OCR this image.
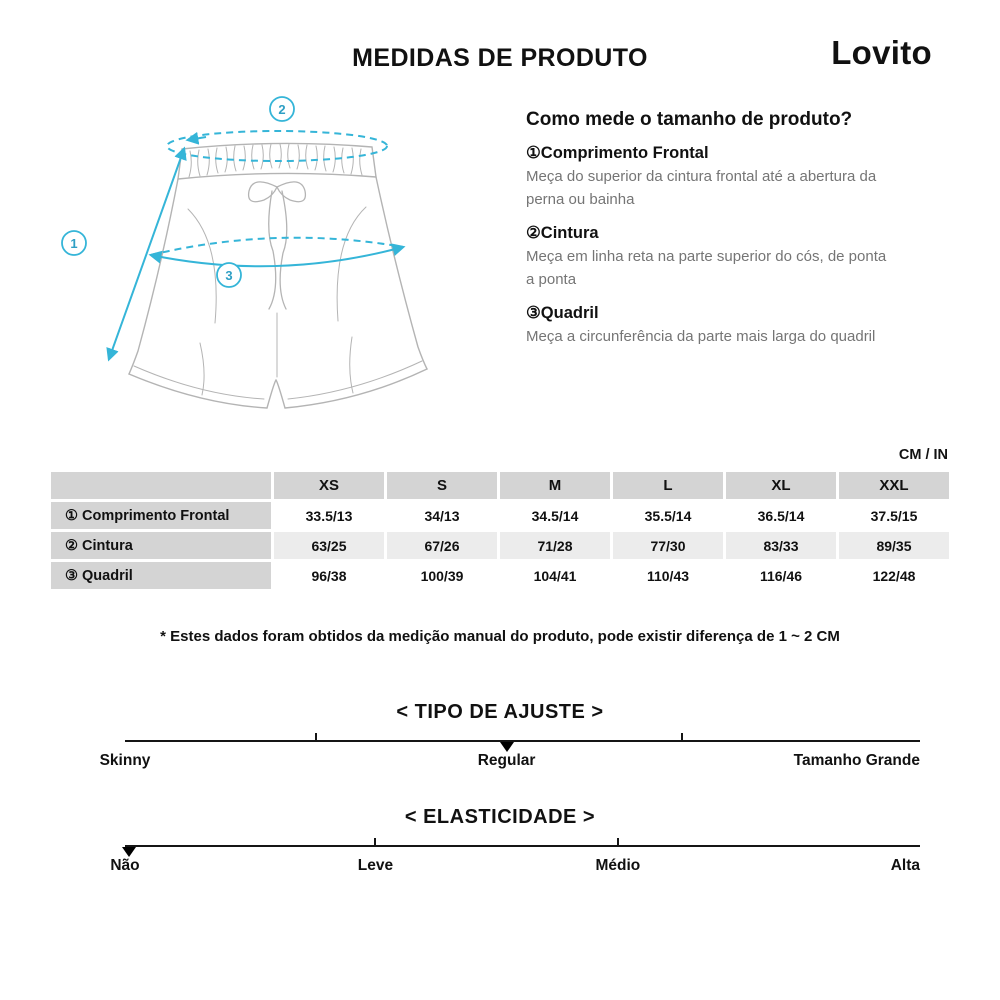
MEDIDAS DE PRODUTO	Lovito
2
1
3
Como mede o tamanho de produto?
①Comprimento Frontal
Meça do superior da cintura frontal até a abertura da perna ou bainha
②Cintura
Meça em linha reta na parte superior do cós, de ponta a ponta
③Quadril
Meça a circunferência da parte mais larga do quadril
CM / IN
	XS	S	M	L	XL	XXL
① Comprimento Frontal	33.5/13	34/13	34.5/14	35.5/14	36.5/14	37.5/15
② Cintura	63/25	67/26	71/28	77/30	83/33	89/35
③ Quadril	96/38	100/39	104/41	110/43	116/46	122/48

* Estes dados foram obtidos da medição manual do produto, pode existir diferença de 1 ~ 2 CM

< TIPO DE AJUSTE >
Skinny	Regular	Tamanho Grande
< ELASTICIDADE >
Não	Leve	Médio	Alta
